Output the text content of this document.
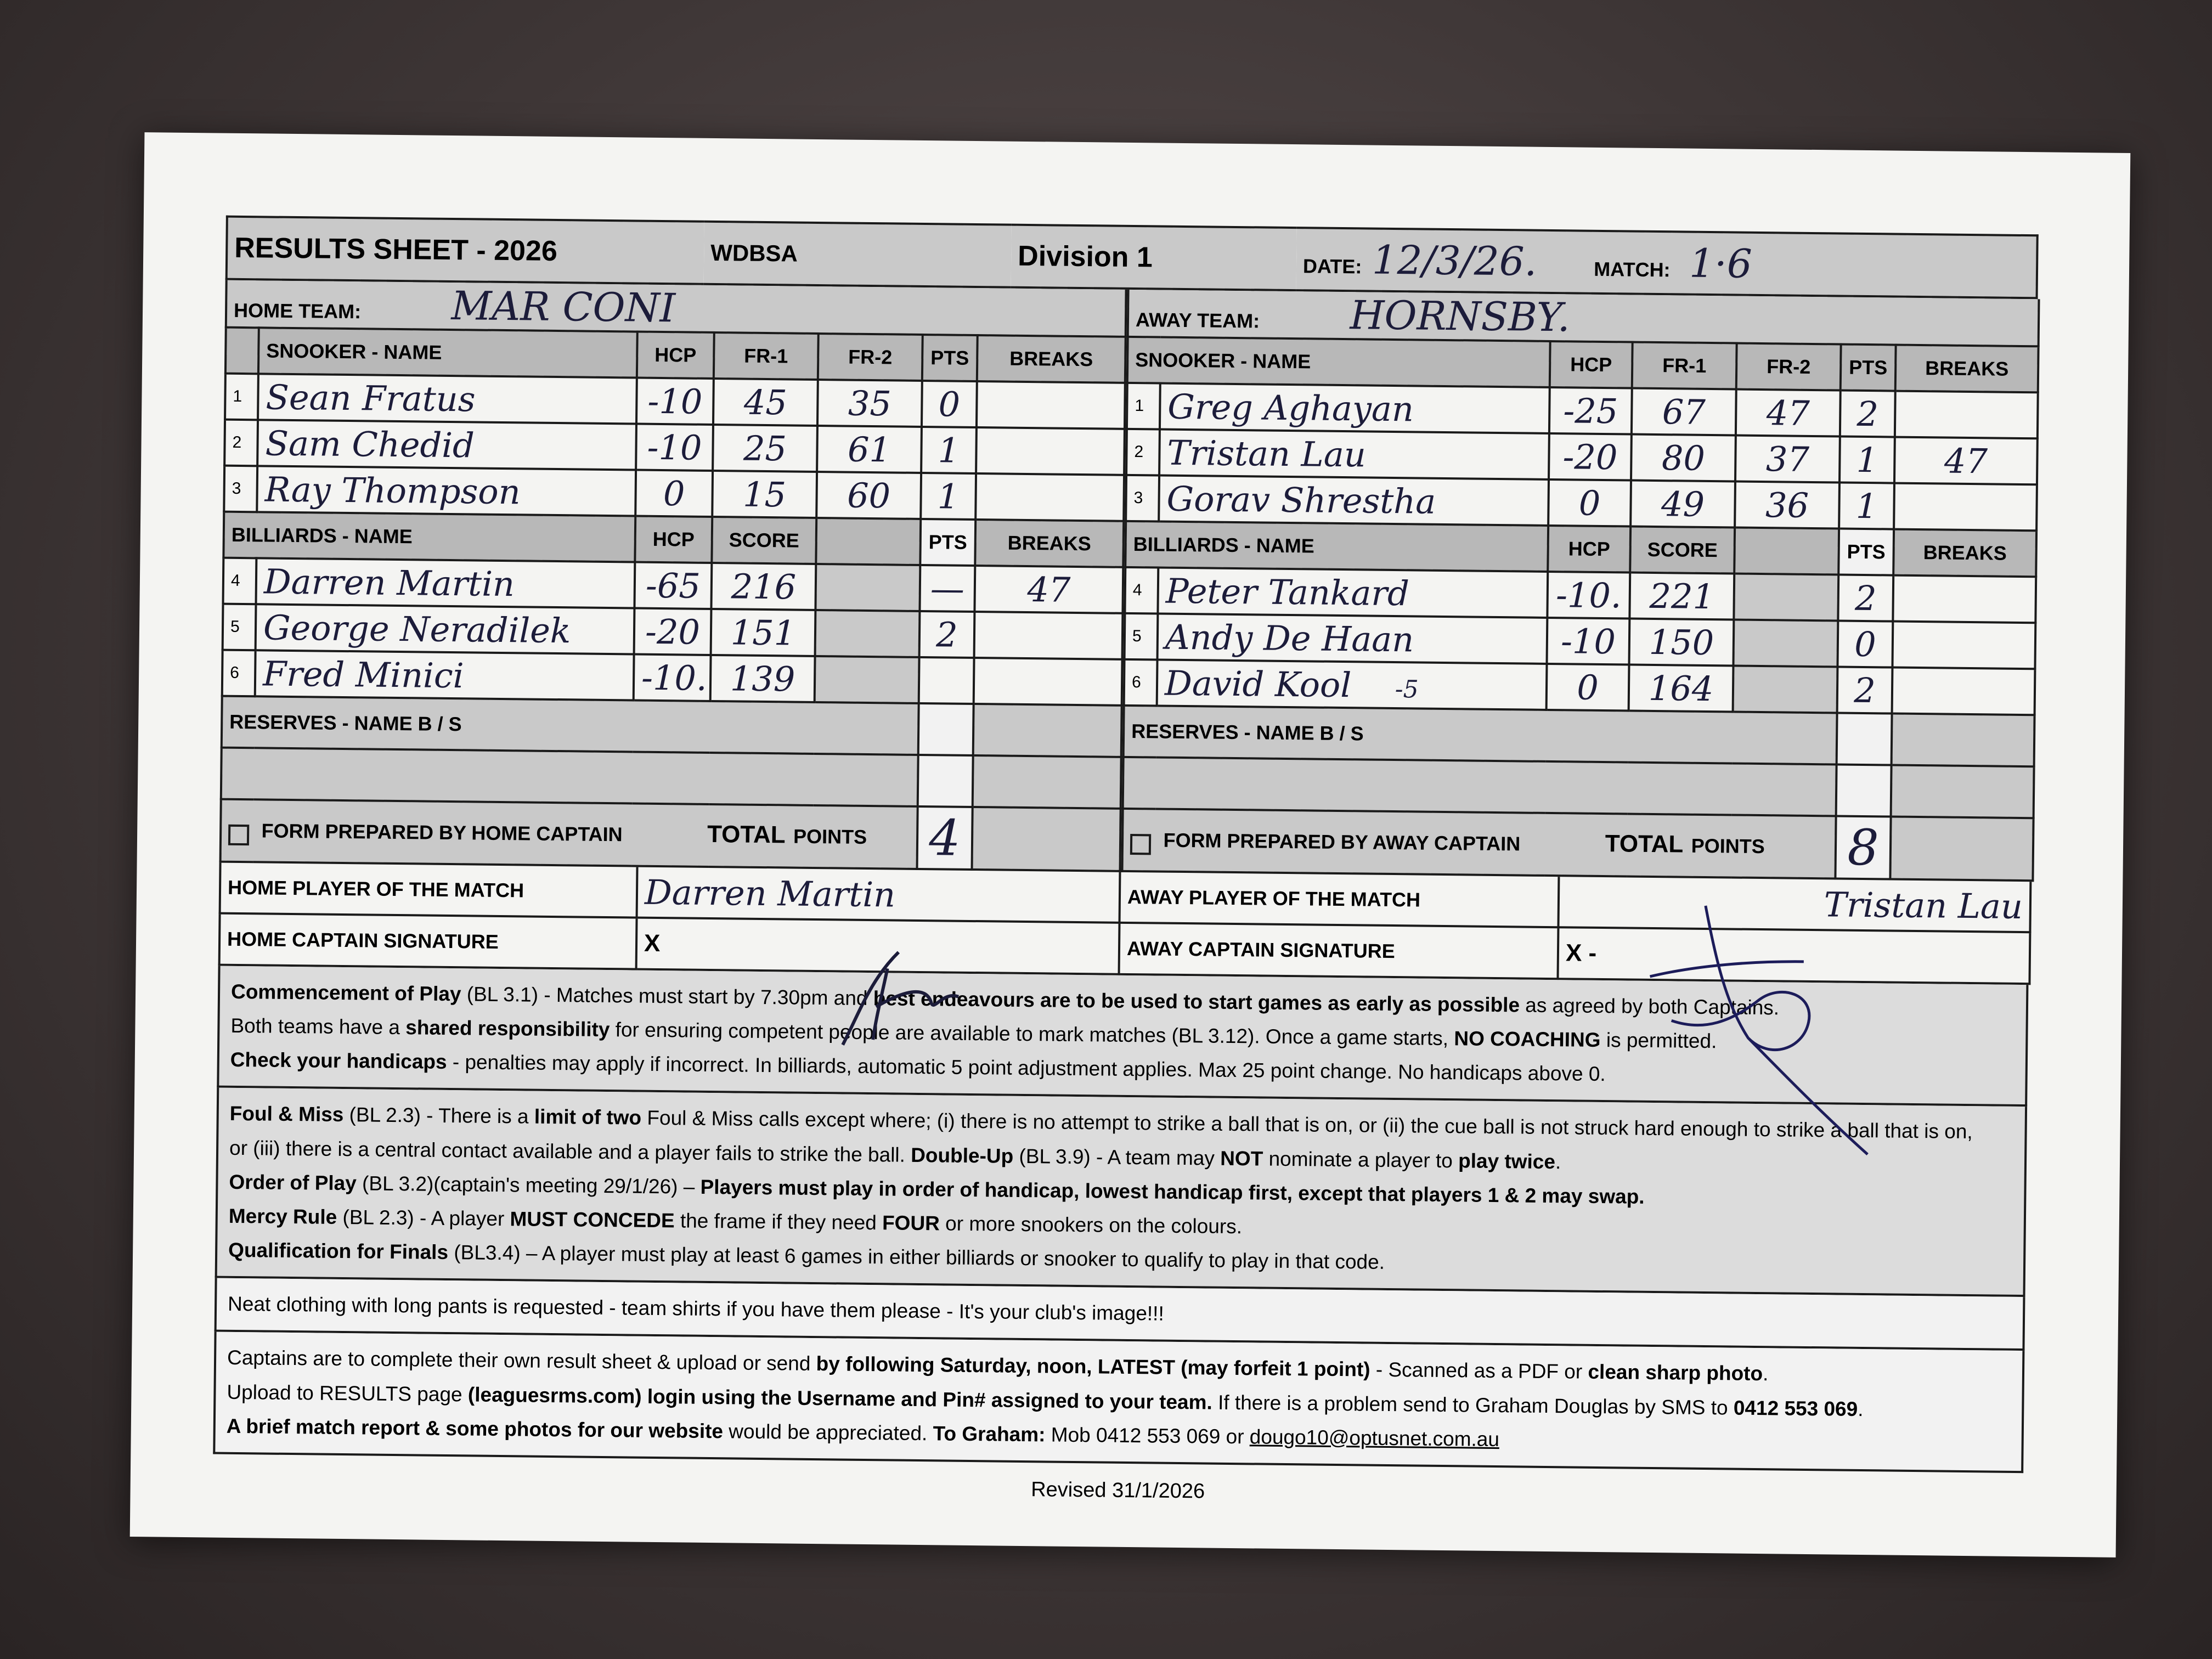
RESULTS SHEET - 2026	WDBSA	Division 1	DATE: 12/3/26.	MATCH: 1·6
HOME TEAM: MAR CONI						
	SNOOKER - NAME	HCP	FR-1	FR-2	PTS	BREAKS
1	Sean Fratus	-10	45	35	0	
2	Sam Chedid	-10	25	61	1	
3	Ray Thompson	0	15	60	1	
BILLIARDS - NAME		HCP	SCORE		PTS	BREAKS
4	Darren Martin	-65	216		—	47
5	George Neradilek	-20	151		2	
6	Fred Minici	-10.	139			
RESERVES - NAME B / S						

FORM PREPARED BY HOME CAPTAIN TOTAL POINTS					4	
AWAY TEAM: HORNSBY.						
SNOOKER - NAME		HCP	FR-1	FR-2	PTS	BREAKS
1	Greg Aghayan	-25	67	47	2	
2	Tristan Lau	-20	80	37	1	47
3	Gorav Shrestha	0	49	36	1	
BILLIARDS - NAME		HCP	SCORE		PTS	BREAKS
4	Peter Tankard	-10.	221		2	
5	Andy De Haan	-10	150		0	
6	David Kool -5	0	164		2	
RESERVES - NAME B / S						

FORM PREPARED BY AWAY CAPTAIN TOTAL POINTS					8	
HOME PLAYER OF THE MATCH	Darren Martin	AWAY PLAYER OF THE MATCH	Tristan Lau
HOME CAPTAIN SIGNATURE	X	AWAY CAPTAIN SIGNATURE	X -

Commencement of Play (BL 3.1) - Matches must start by 7.30pm and best endeavours are to be used to start games as early as possible as agreed by both Captains.

Both teams have a shared responsibility for ensuring competent people are available to mark matches (BL 3.12). Once a game starts, NO COACHING is permitted.

Check your handicaps - penalties may apply if incorrect. In billiards, automatic 5 point adjustment applies. Max 25 point change. No handicaps above 0.

Foul & Miss (BL 2.3) - There is a limit of two Foul & Miss calls except where; (i) there is no attempt to strike a ball that is on, or (ii) the cue ball is not struck hard enough to strike a ball that is on,

or (iii) there is a central contact available and a player fails to strike the ball. Double-Up (BL 3.9) - A team may NOT nominate a player to play twice.

Order of Play (BL 3.2)(captain's meeting 29/1/26) – Players must play in order of handicap, lowest handicap first, except that players 1 & 2 may swap.

Mercy Rule (BL 2.3) - A player MUST CONCEDE the frame if they need FOUR or more snookers on the colours.

Qualification for Finals (BL3.4) – A player must play at least 6 games in either billiards or snooker to qualify to play in that code.

Neat clothing with long pants is requested - team shirts if you have them please - It's your club's image!!!

Captains are to complete their own result sheet & upload or send by following Saturday, noon, LATEST (may forfeit 1 point) - Scanned as a PDF or clean sharp photo.

Upload to RESULTS page (leaguesrms.com) login using the Username and Pin# assigned to your team. If there is a problem send to Graham Douglas by SMS to 0412 553 069.

A brief match report & some photos for our website would be appreciated. To Graham: Mob 0412 553 069 or dougo10@optusnet.com.au

Revised 31/1/2026
